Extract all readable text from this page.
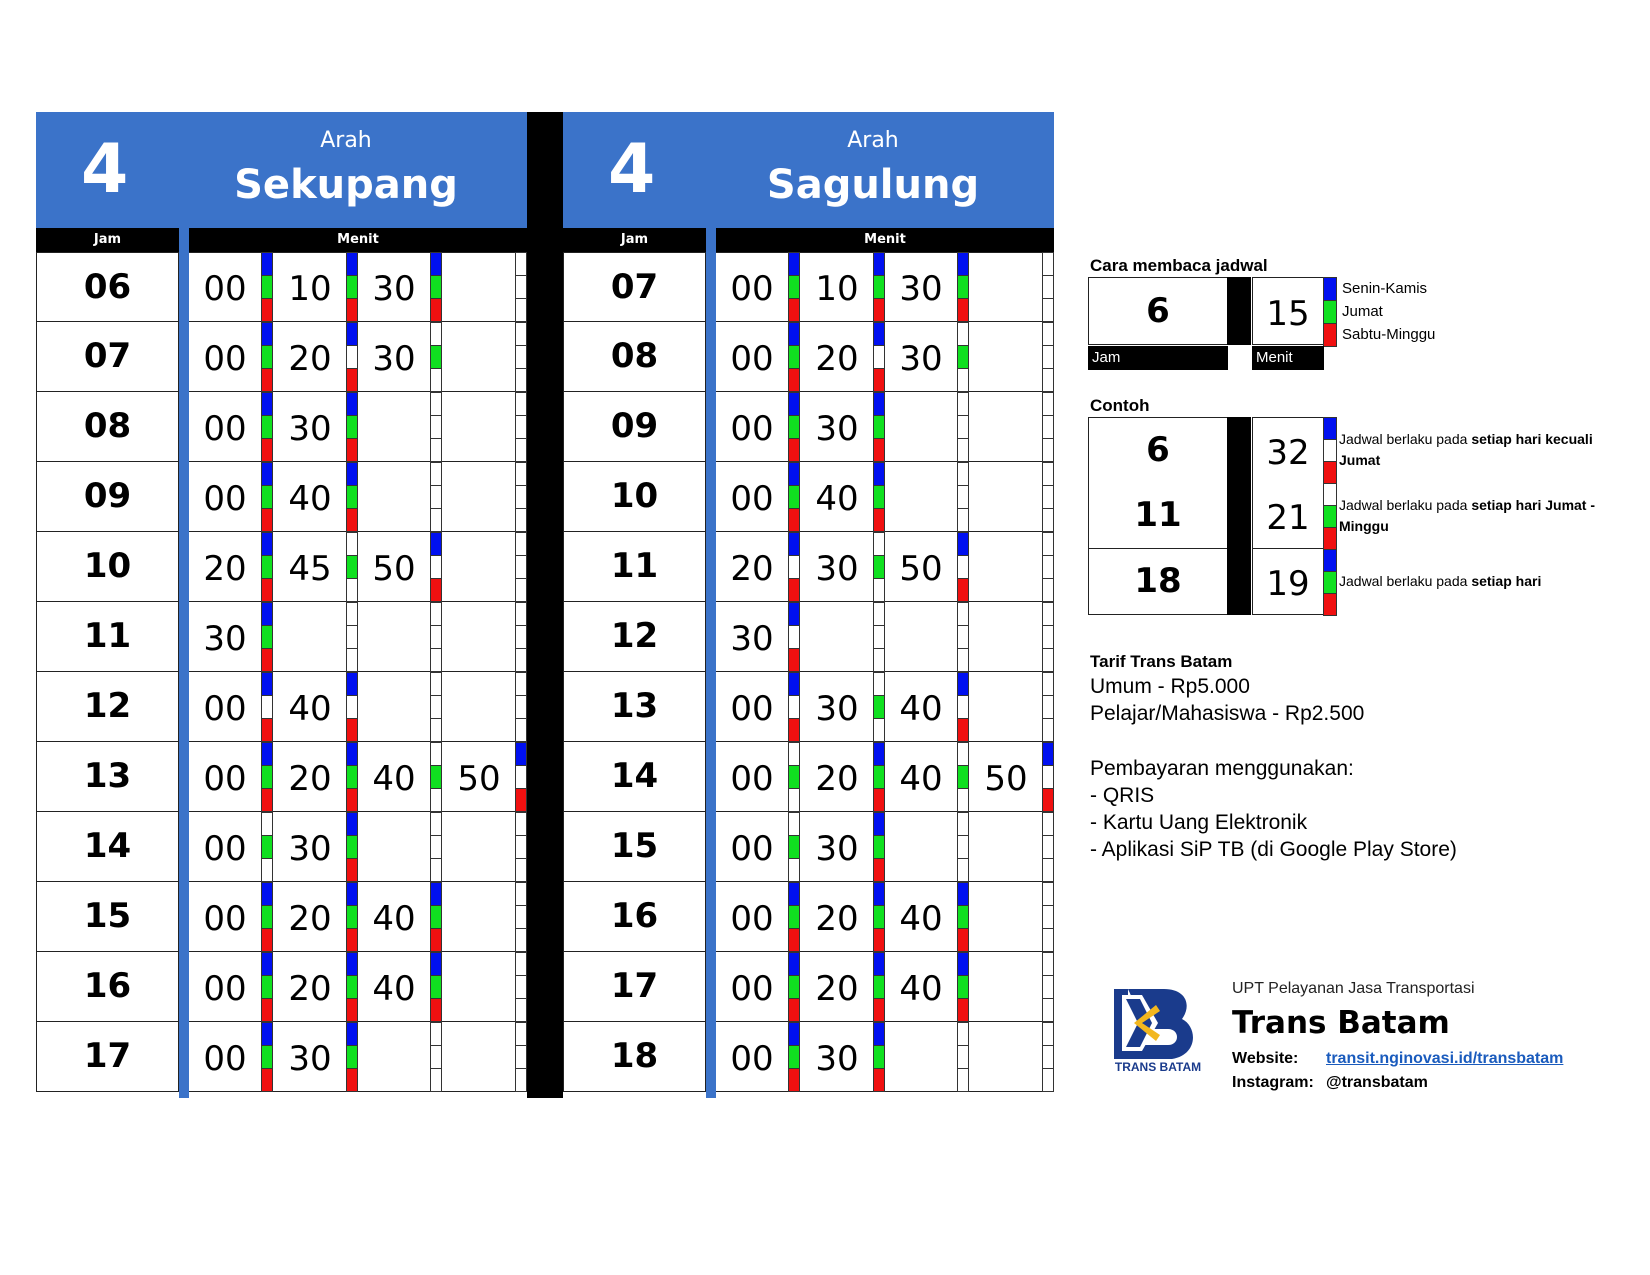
4	Arah
Sekupang
Jam	Menit
06	00	10	30
07	00	20	30
08	00	30
09	00	40
10	20	45	50
11	30
12	00	40
13	00	20	40	50
14	00	30
15	00	20	40
16	00	20	40
17	00	30
4	Arah
Sagulung
Jam	Menit
07	00	10	30
08	00	20	30
09	00	30
10	00	40
11	20	30	50
12	30
13	00	30	40
14	00	20	40	50
15	00	30
16	00	20	40
17	00	20	40
18	00	30
Cara membaca jadwal
6	15
Senin-Kamis
Jumat
Sabtu-Minggu
Jam	Menit
Contoh
6	32	Jadwal berlaku pada setiap hari kecuali Jumat
11	21	Jadwal berlaku pada setiap hari Jumat - Minggu
18	19	Jadwal berlaku pada setiap hari
Tarif Trans Batam
Umum - Rp5.000
Pelajar/Mahasiswa - Rp2.500
Pembayaran menggunakan:
- QRIS
- Kartu Uang Elektronik
- Aplikasi SiP TB (di Google Play Store)
TRANS BATAM
UPT Pelayanan Jasa Transportasi
Trans Batam
Website: transit.nginovasi.id/transbatam
Instagram: @transbatam
